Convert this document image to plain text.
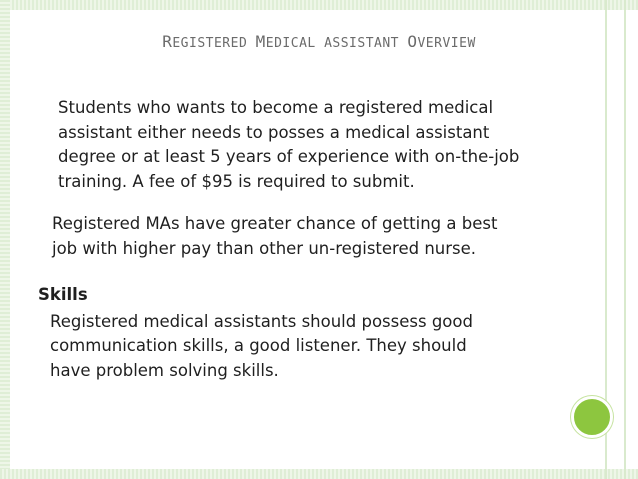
REGISTERED MEDICAL ASSISTANT OVERVIEW
Students who wants to become a registered medical
assistant either needs to posses a medical assistant
degree or at least 5 years of experience with on-the-job
training. A fee of $95 is required to submit.
Registered MAs have greater chance of getting a best
job with higher pay than other un-registered nurse.
Skills
Registered medical assistants should possess good
communication skills, a good listener. They should
have problem solving skills.
